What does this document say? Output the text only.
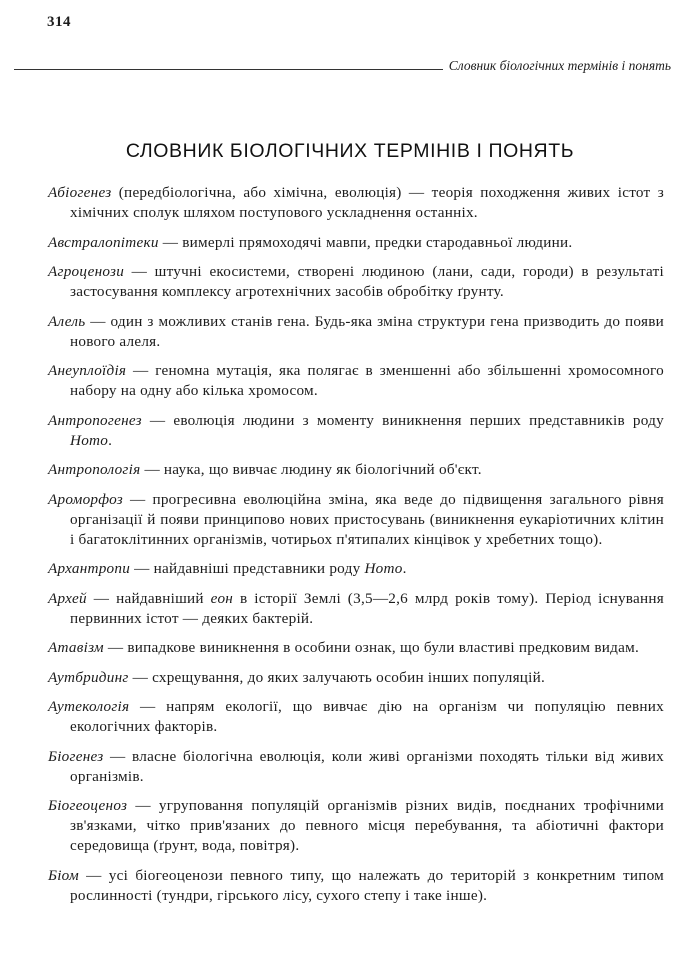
314
Словник біологічних термінів і понять
СЛОВНИК БІОЛОГІЧНИХ ТЕРМІНІВ І ПОНЯТЬ

Абіогенез (передбіологічна, або хімічна, еволюція) — теорія походження живих істот з хімічних сполук шляхом поступового ускладнення останніх.

Австралопітеки — вимерлі прямоходячі мавпи, предки стародавньої людини.

Агроценози — штучні екосистеми, створені людиною (лани, сади, городи) в результаті застосування комплексу агротехнічних засобів обробітку ґрунту.

Алель — один з можливих станів гена. Будь-яка зміна структури гена призводить до появи нового алеля.

Анеуплоїдія — геномна мутація, яка полягає в зменшенні або збільшенні хромосомного набору на одну або кілька хромосом.

Антропогенез — еволюція людини з моменту виникнення перших представників роду Homo.

Антропологія — наука, що вивчає людину як біологічний об'єкт.

Ароморфоз — прогресивна еволюційна зміна, яка веде до підвищення загального рівня організації й появи принципово нових пристосувань (виникнення еукаріотичних клітин і багатоклітинних організмів, чотирьох п'ятипалих кінцівок у хребетних тощо).

Архантропи — найдавніші представники роду Homo.

Архей — найдавніший еон в історії Землі (3,5—2,6 млрд років тому). Період існування первинних істот — деяких бактерій.

Атавізм — випадкове виникнення в особини ознак, що були властиві предковим видам.

Аутбридинг — схрещування, до яких залучають особин інших популяцій.

Аутекологія — напрям екології, що вивчає дію на організм чи популяцію певних екологічних факторів.

Біогенез — власне біологічна еволюція, коли живі організми походять тільки від живих організмів.

Біогеоценоз — угруповання популяцій організмів різних видів, поєднаних трофічними зв'язками, чітко прив'язаних до певного місця перебування, та абіотичні фактори середовища (ґрунт, вода, повітря).

Біом — усі біогеоценози певного типу, що належать до територій з конкретним типом рослинності (тундри, гірського лісу, сухого степу і таке інше).
